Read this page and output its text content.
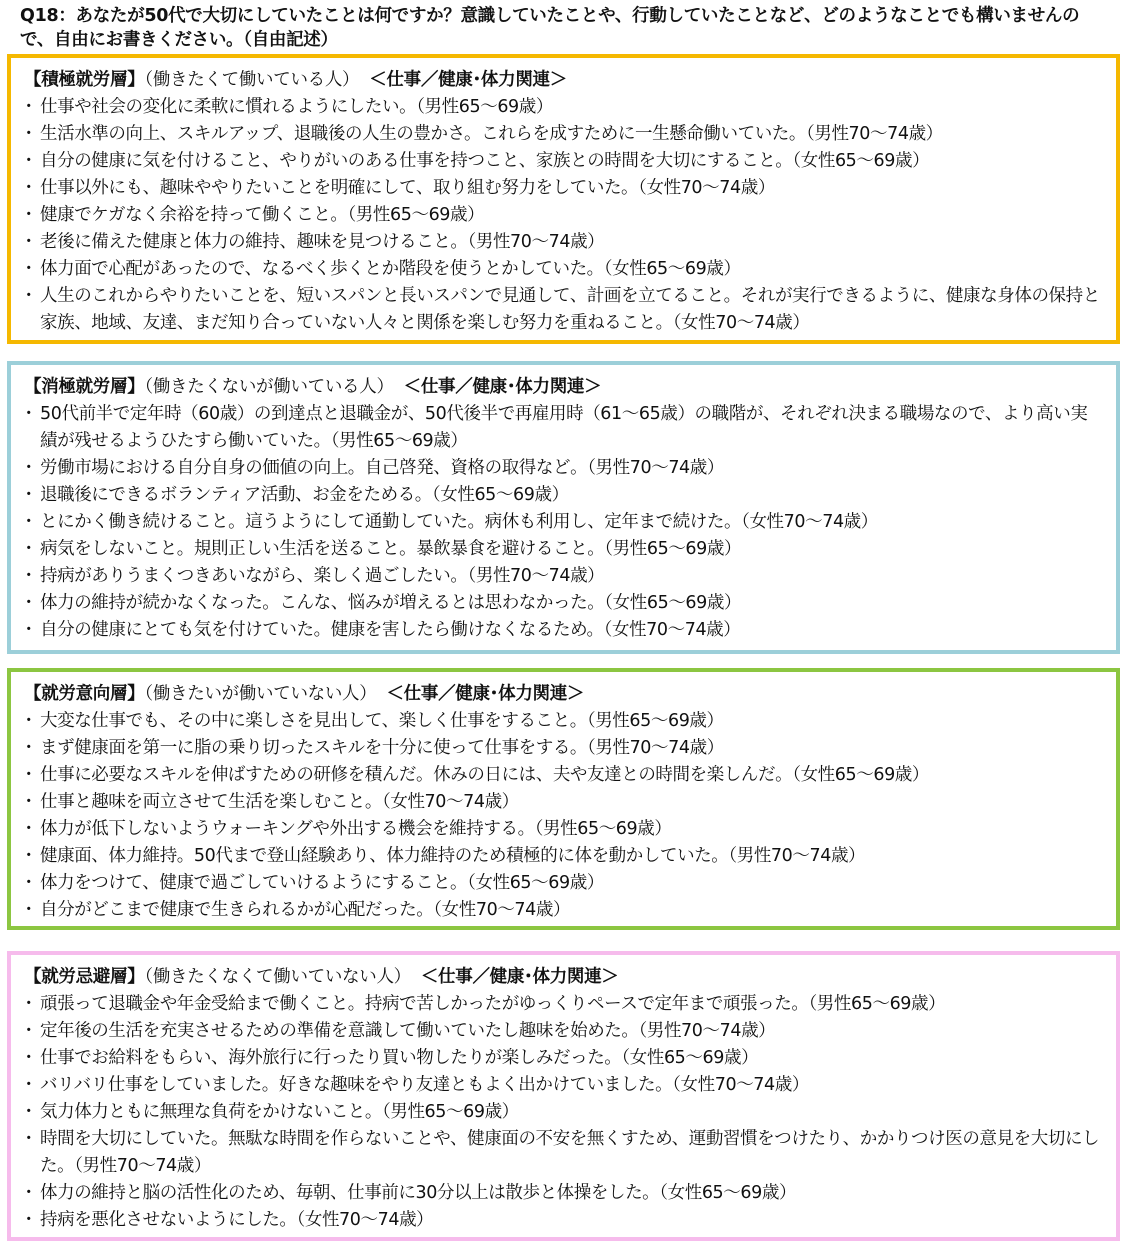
Q18：あなたが50代で大切にしていたことは何ですか？意識していたことや、行動していたことなど、どのようなことでも構いませんので、自由にお書きください。（自由記述）
【積極就労層】（働きたくて働いている人） ＜仕事／健康･体力関連＞
・ 仕事や社会の変化に柔軟に慣れるようにしたい。（男性65～69歳）
・ 生活水準の向上、スキルアップ、退職後の人生の豊かさ。これらを成すために一生懸命働いていた。（男性70～74歳）
・ 自分の健康に気を付けること、やりがいのある仕事を持つこと、家族との時間を大切にすること。（女性65～69歳）
・ 仕事以外にも、趣味ややりたいことを明確にして、取り組む努力をしていた。（女性70～74歳）
・ 健康でケガなく余裕を持って働くこと。（男性65～69歳）
・ 老後に備えた健康と体力の維持、趣味を見つけること。（男性70～74歳）
・ 体力面で心配があったので、なるべく歩くとか階段を使うとかしていた。（女性65～69歳）
・ 人生のこれからやりたいことを、短いスパンと長いスパンで見通して、計画を立てること。それが実行できるように、健康な身体の保持と家族、地域、友達、まだ知り合っていない人々と関係を楽しむ努力を重ねること。（女性70～74歳）
【消極就労層】（働きたくないが働いている人） ＜仕事／健康･体力関連＞
・ 50代前半で定年時（60歳）の到達点と退職金が、50代後半で再雇用時（61～65歳）の職階が、それぞれ決まる職場なので、より高い実績が残せるようひたすら働いていた。（男性65～69歳）
・ 労働市場における自分自身の価値の向上。自己啓発、資格の取得など。（男性70～74歳）
・ 退職後にできるボランティア活動、お金をためる。（女性65～69歳）
・ とにかく働き続けること。這うようにして通勤していた。病休も利用し、定年まで続けた。（女性70～74歳）
・ 病気をしないこと。規則正しい生活を送ること。暴飲暴食を避けること。（男性65～69歳）
・ 持病がありうまくつきあいながら、楽しく過ごしたい。（男性70～74歳）
・ 体力の維持が続かなくなった。こんな、悩みが増えるとは思わなかった。（女性65～69歳）
・ 自分の健康にとても気を付けていた。健康を害したら働けなくなるため。（女性70～74歳）
【就労意向層】（働きたいが働いていない人） ＜仕事／健康･体力関連＞
・ 大変な仕事でも、その中に楽しさを見出して、楽しく仕事をすること。（男性65～69歳）
・ まず健康面を第一に脂の乗り切ったスキルを十分に使って仕事をする。（男性70～74歳）
・ 仕事に必要なスキルを伸ばすための研修を積んだ。休みの日には、夫や友達との時間を楽しんだ。（女性65～69歳）
・ 仕事と趣味を両立させて生活を楽しむこと。（女性70～74歳）
・ 体力が低下しないようウォーキングや外出する機会を維持する。（男性65～69歳）
・ 健康面、体力維持。50代まで登山経験あり、体力維持のため積極的に体を動かしていた。（男性70～74歳）
・ 体力をつけて、健康で過ごしていけるようにすること。（女性65～69歳）
・ 自分がどこまで健康で生きられるかが心配だった。（女性70～74歳）
【就労忌避層】（働きたくなくて働いていない人） ＜仕事／健康･体力関連＞
・ 頑張って退職金や年金受給まで働くこと。持病で苦しかったがゆっくりペースで定年まで頑張った。（男性65～69歳）
・ 定年後の生活を充実させるための準備を意識して働いていたし趣味を始めた。（男性70～74歳）
・ 仕事でお給料をもらい、海外旅行に行ったり買い物したりが楽しみだった。（女性65～69歳）
・ バリバリ仕事をしていました。好きな趣味をやり友達ともよく出かけていました。（女性70～74歳）
・ 気力体力ともに無理な負荷をかけないこと。（男性65～69歳）
・ 時間を大切にしていた。無駄な時間を作らないことや、健康面の不安を無くすため、運動習慣をつけたり、かかりつけ医の意見を大切にした。（男性70～74歳）
・ 体力の維持と脳の活性化のため、毎朝、仕事前に30分以上は散歩と体操をした。（女性65～69歳）
・ 持病を悪化させないようにした。（女性70～74歳）
